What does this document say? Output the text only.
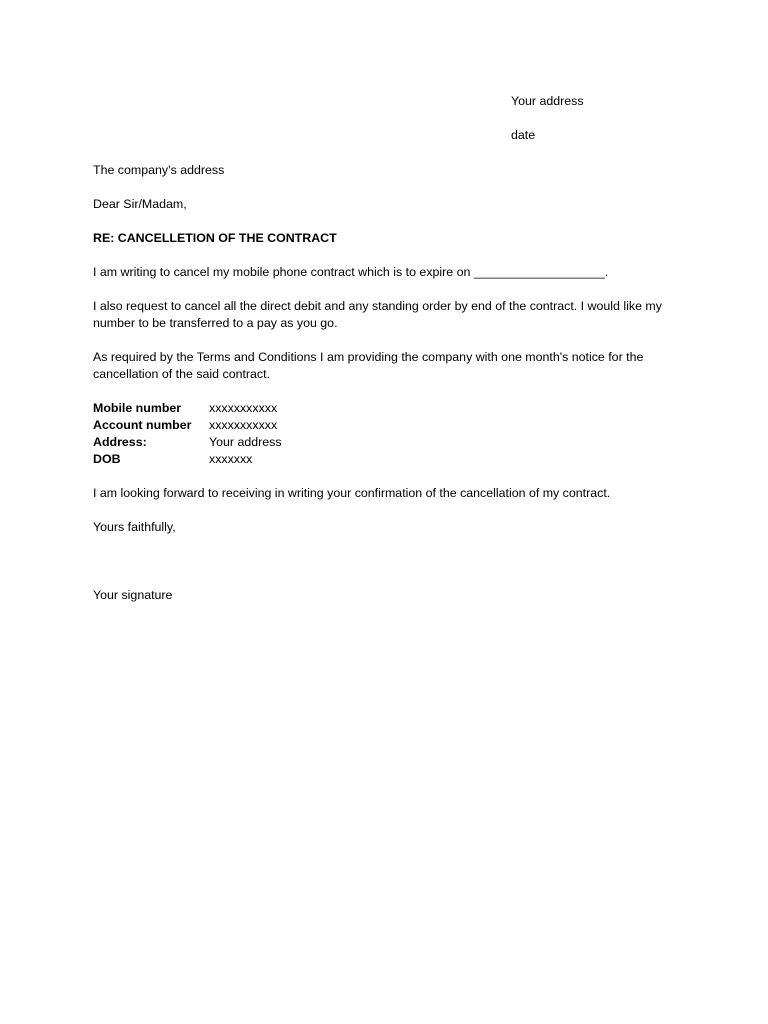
Your address
date
The company’s address
Dear Sir/Madam,
RE: CANCELLETION OF THE CONTRACT
I am writing to cancel my mobile phone contract which is to expire on ___________________.
I also request to cancel all the direct debit and any standing order by end of the contract. I would like my number to be transferred to a pay as you go.
As required by the Terms and Conditions I am providing the company with one month's notice for the cancellation of the said contract.
Mobile number	xxxxxxxxxxx
Account number	xxxxxxxxxxx
Address:	Your address
DOB	xxxxxxx
I am looking forward to receiving in writing your confirmation of the cancellation of my contract.
Yours faithfully,
Your signature
